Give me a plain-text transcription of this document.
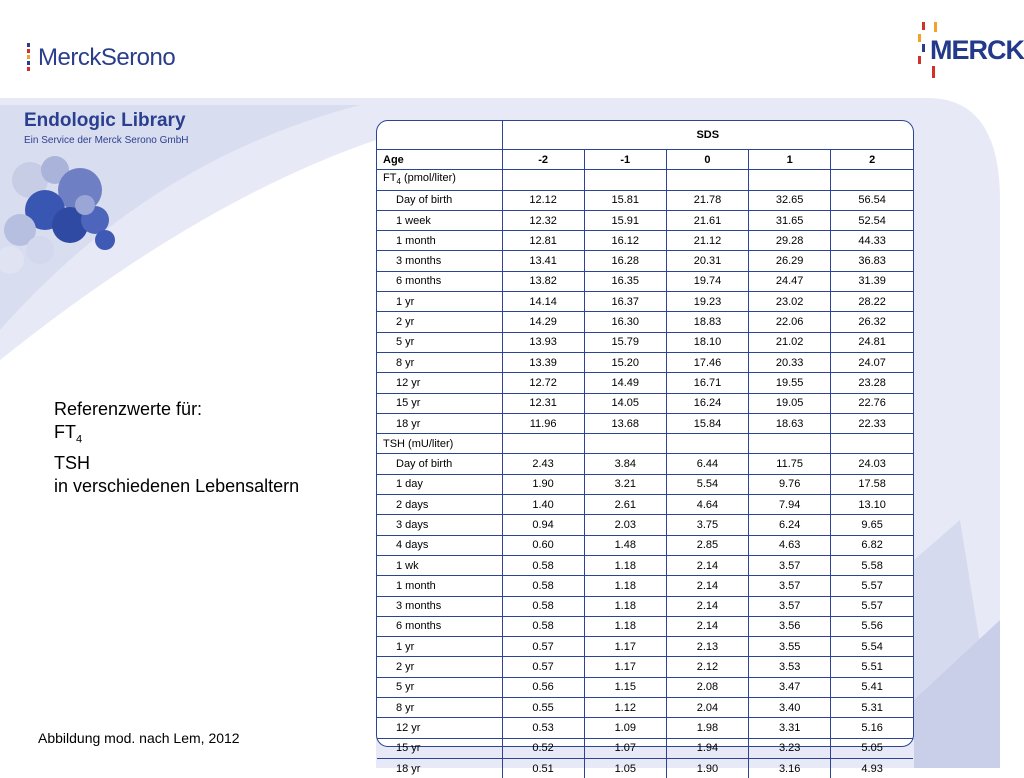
MerckSerono	MERCK
Endologic Library
Ein Service der Merck Serono GmbH
Referenzwerte für:
$FT_4$
TSH
in verschiedenen Lebensaltern
Abbildung mod. nach Lem, 2012
	SDS				
Age	-2	-1	0	1	2
$FT_4$ (pmol/liter)					
Day of birth	12.12	15.81	21.78	32.65	56.54
1 week	12.32	15.91	21.61	31.65	52.54
1 month	12.81	16.12	21.12	29.28	44.33
3 months	13.41	16.28	20.31	26.29	36.83
6 months	13.82	16.35	19.74	24.47	31.39
1 yr	14.14	16.37	19.23	23.02	28.22
2 yr	14.29	16.30	18.83	22.06	26.32
5 yr	13.93	15.79	18.10	21.02	24.81
8 yr	13.39	15.20	17.46	20.33	24.07
12 yr	12.72	14.49	16.71	19.55	23.28
15 yr	12.31	14.05	16.24	19.05	22.76
18 yr	11.96	13.68	15.84	18.63	22.33
TSH (mU/liter)					
Day of birth	2.43	3.84	6.44	11.75	24.03
1 day	1.90	3.21	5.54	9.76	17.58
2 days	1.40	2.61	4.64	7.94	13.10
3 days	0.94	2.03	3.75	6.24	9.65
4 days	0.60	1.48	2.85	4.63	6.82
1 wk	0.58	1.18	2.14	3.57	5.58
1 month	0.58	1.18	2.14	3.57	5.57
3 months	0.58	1.18	2.14	3.57	5.57
6 months	0.58	1.18	2.14	3.56	5.56
1 yr	0.57	1.17	2.13	3.55	5.54
2 yr	0.57	1.17	2.12	3.53	5.51
5 yr	0.56	1.15	2.08	3.47	5.41
8 yr	0.55	1.12	2.04	3.40	5.31
12 yr	0.53	1.09	1.98	3.31	5.16
15 yr	0.52	1.07	1.94	3.23	5.05
18 yr	0.51	1.05	1.90	3.16	4.93
